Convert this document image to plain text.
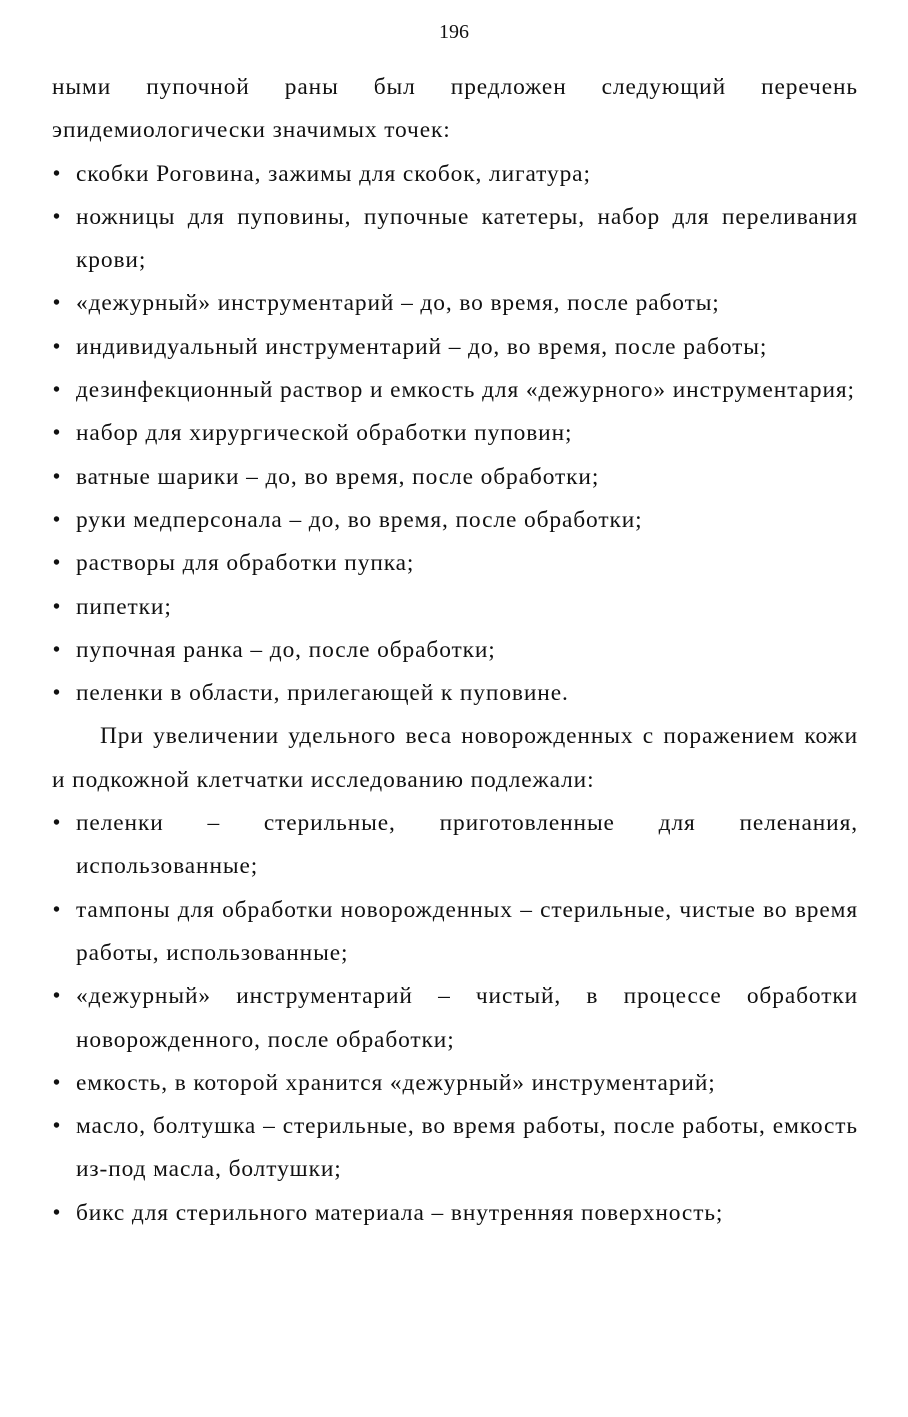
196

ными пупочной раны был предложен следующий перечень эпидемиологически значимых точек:

• скобки Роговина, зажимы для скобок, лигатура;
• ножницы для пуповины, пупочные катетеры, набор для переливания крови;
• «дежурный» инструментарий – до, во время, после работы;
• индивидуальный инструментарий – до, во время, после работы;
• дезинфекционный раствор и емкость для «дежурного» инструментария;
• набор для хирургической обработки пуповин;
• ватные шарики – до, во время, после обработки;
• руки медперсонала – до, во время, после обработки;
• растворы для обработки пупка;
• пипетки;
• пупочная ранка – до, после обработки;
• пеленки в области, прилегающей к пуповине.

При увеличении удельного веса новорожденных с поражением кожи и подкожной клетчатки исследованию подлежали:

• пеленки – стерильные, приготовленные для пеленания, использованные;
• тампоны для обработки новорожденных – стерильные, чистые во время работы, использованные;
• «дежурный» инструментарий – чистый, в процессе обработки новорожденного, после обработки;
• емкость, в которой хранится «дежурный» инструментарий;
• масло, болтушка – стерильные, во время работы, после работы, емкость из-под масла, болтушки;
• бикс для стерильного материала – внутренняя поверхность;
